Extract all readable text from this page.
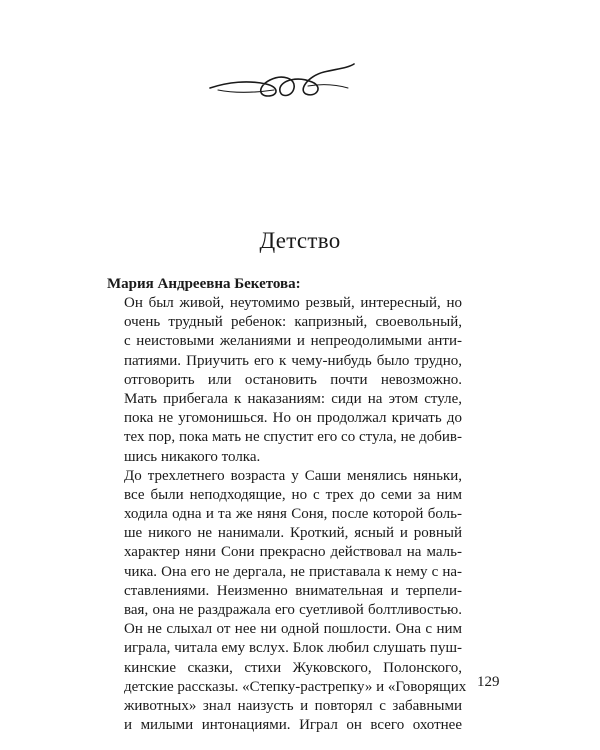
Детство
Мария Андреевна Бекетова:
Он был живой, неутомимо резвый, интересный, но
очень трудный ребенок: капризный, своевольный,
с неистовыми желаниями и непреодолимыми анти-
патиями. Приучить его к чему-нибудь было трудно,
отговорить или остановить почти невозможно.
Мать прибегала к наказаниям: сиди на этом стуле,
пока не угомонишься. Но он продолжал кричать до
тех пор, пока мать не спустит его со стула, не добив-
шись никакого толка.
До трехлетнего возраста у Саши менялись няньки,
все были неподходящие, но с трех до семи за ним
ходила одна и та же няня Соня, после которой боль-
ше никого не нанимали. Кроткий, ясный и ровный
характер няни Сони прекрасно действовал на маль-
чика. Она его не дергала, не приставала к нему с на-
ставлениями. Неизменно внимательная и терпели-
вая, она не раздражала его суетливой болтливостью.
Он не слыхал от нее ни одной пошлости. Она с ним
играла, читала ему вслух. Блок любил слушать пуш-
кинские сказки, стихи Жуковского, Полонского,
детские рассказы. «Степку-растрепку» и «Говорящих
животных» знал наизусть и повторял с забавными
и милыми интонациями. Играл он всего охотнее
129
